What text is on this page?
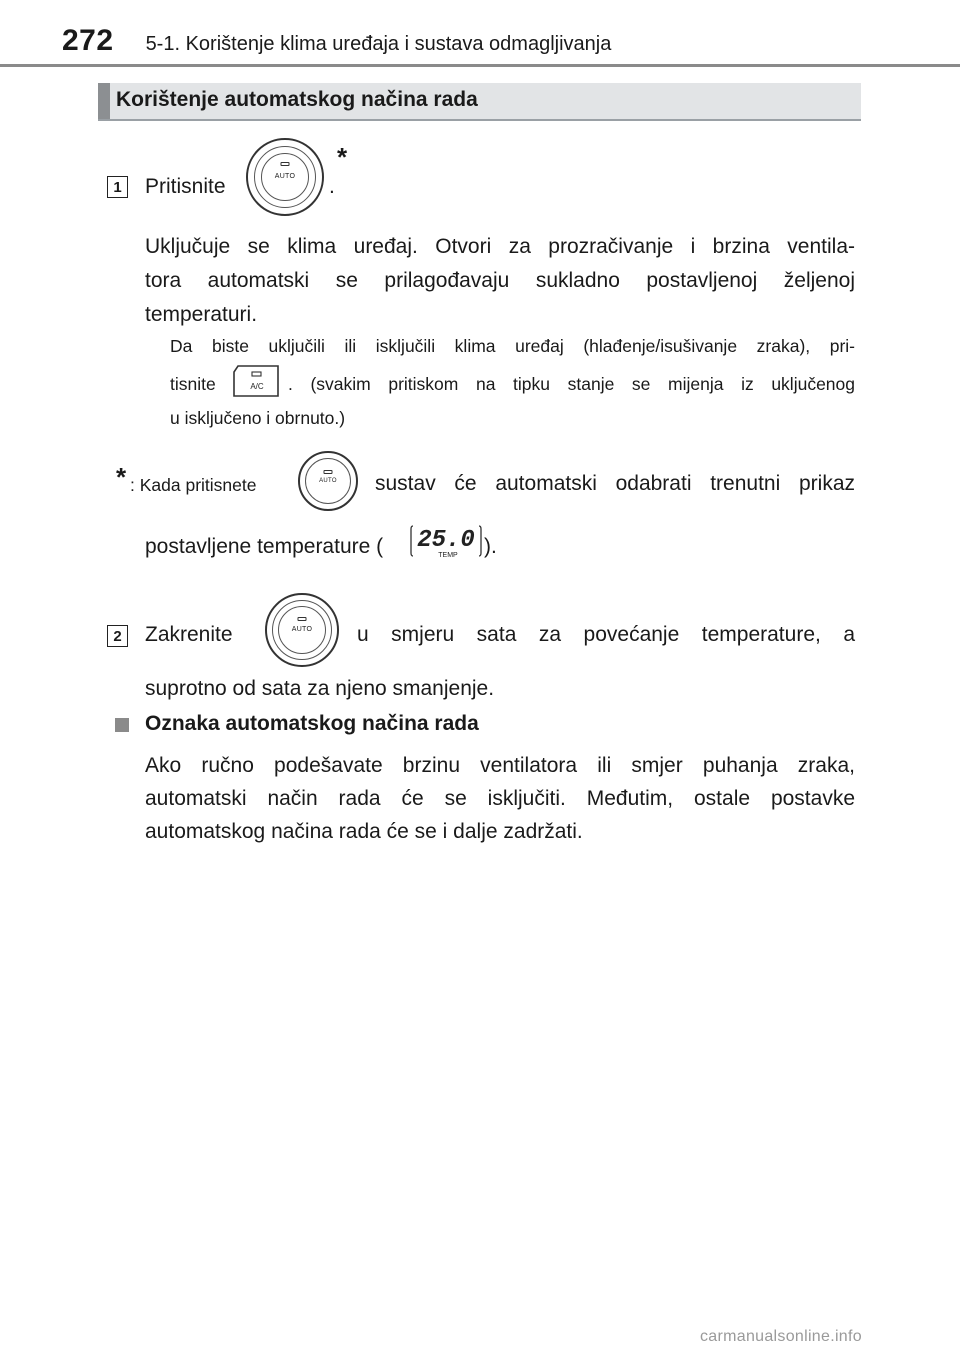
272 5-1. Korištenje klima uređaja i sustava odmagljivanja
Korištenje automatskog načina rada
1	Pritisnite	AUTO
*
.
Uključuje se klima uređaj. Otvori za prozračivanje i brzina ventila-
tora automatski se prilagođavaju sukladno postavljenoj željenoj
temperaturi.
Da biste uključili ili isključili klima uređaj (hlađenje/isušivanje zraka), pri-
tisnite	A/C . (svakim pritiskom na tipku stanje se mijenja iz uključenog
u isključeno i obrnuto.)
* : Kada pritisnete	AUTO	sustav će automatski odabrati trenutni prikaz
postavljene temperature ( 25.0
TEMP ).
2	Zakrenite	AUTO	u smjeru sata za povećanje temperature, a
suprotno od sata za njeno smanjenje.
Oznaka automatskog načina rada
Ako ručno podešavate brzinu ventilatora ili smjer puhanja zraka,
automatski način rada će se isključiti. Međutim, ostale postavke
automatskog načina rada će se i dalje zadržati.
carmanualsonline.info
